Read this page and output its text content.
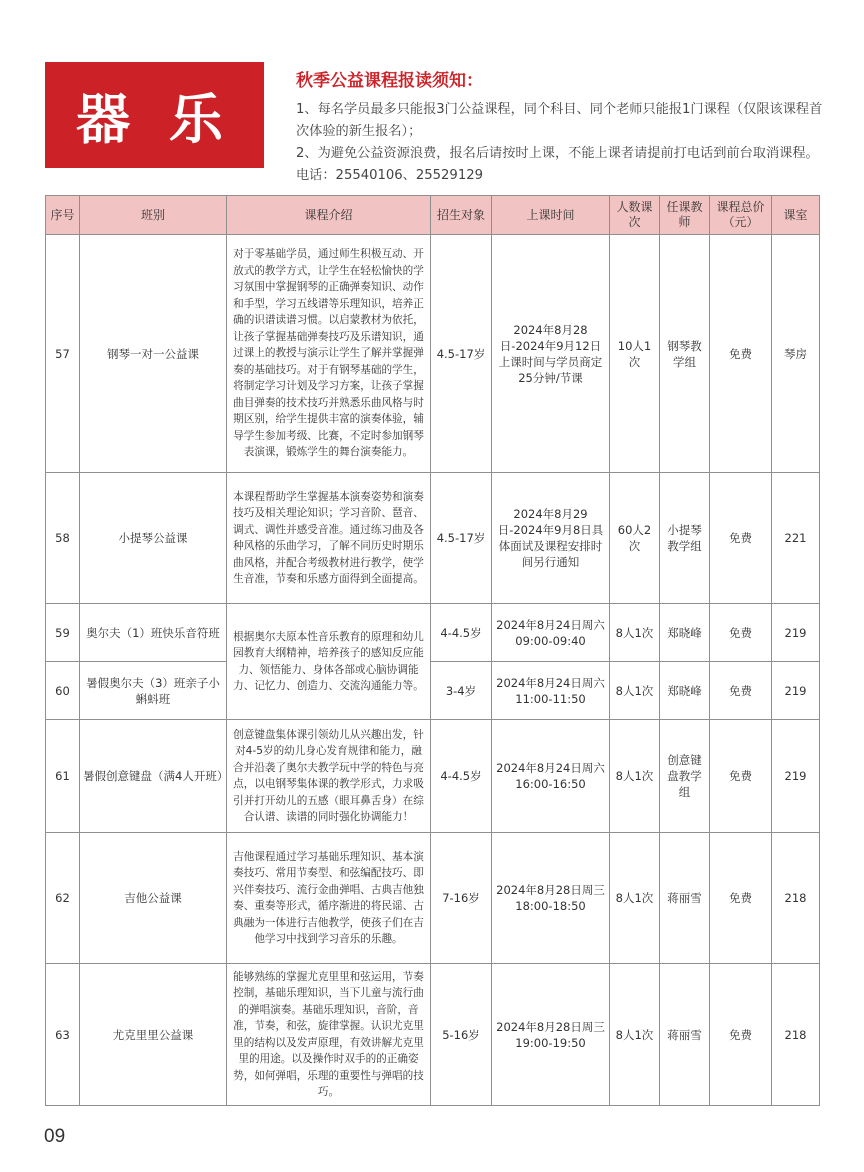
器 乐
秋季公益课程报读须知：
1、每名学员最多只能报3门公益课程，同个科目、同个老师只能报1门课程（仅限该课程首次体验的新生报名）；
2、为避免公益资源浪费，报名后请按时上课，不能上课者请提前打电话到前台取消课程。电话：25540106、25529129
序号	班别	课程介绍	招生对象	上课时间	人数课次	任课教师	课程总价（元）	课室
57	钢琴一对一公益课	对于零基础学员，通过师生积极互动、开放式的教学方式，让学生在轻松愉快的学习氛围中掌握钢琴的正确弹奏知识、动作和手型，学习五线谱等乐理知识，培养正确的识谱读谱习惯。以启蒙教材为依托，让孩子掌握基础弹奏技巧及乐谱知识，通过课上的教授与演示让学生了解并掌握弹奏的基础技巧。对于有钢琴基础的学生，将制定学习计划及学习方案，让孩子掌握曲目弹奏的技术技巧并熟悉乐曲风格与时期区别，给学生提供丰富的演奏体验，辅导学生参加考级、比赛，不定时参加钢琴表演课，锻炼学生的舞台演奏能力。	4.5-17岁	2024年8月28日-2024年9月12日上课时间与学员商定25分钟/节课	10人1次	钢琴教学组	免费	琴房
58	小提琴公益课	本课程帮助学生掌握基本演奏姿势和演奏技巧及相关理论知识；学习音阶、琶音、调式、调性并感受音准。通过练习曲及各种风格的乐曲学习，了解不同历史时期乐曲风格，并配合考级教材进行教学，使学生音准，节奏和乐感方面得到全面提高。	4.5-17岁	2024年8月29日-2024年9月8日具体面试及课程安排时间另行通知	60人2次	小提琴教学组	免费	221
59	奥尔夫（1）班快乐音符班	根据奥尔夫原本性音乐教育的原理和幼儿园教育大纲精神，培养孩子的感知反应能力、领悟能力、身体各部或心脑协调能力、记忆力、创造力、交流沟通能力等。	4-4.5岁	2024年8月24日周六09:00-09:40	8人1次	郑晓峰	免费	219
60	暑假奥尔夫（3）班亲子小蝌蚪班		3-4岁	2024年8月24日周六11:00-11:50	8人1次	郑晓峰	免费	219
61	暑假创意键盘（满4人开班）	创意键盘集体课引领幼儿从兴趣出发，针对4-5岁的幼儿身心发育规律和能力，融合并沿袭了奥尔夫教学玩中学的特色与亮点，以电钢琴集体课的教学形式，力求吸引并打开幼儿的五感（眼耳鼻舌身）在综合认谱、读谱的同时强化协调能力！	4-4.5岁	2024年8月24日周六16:00-16:50	8人1次	创意键盘教学组	免费	219
62	吉他公益课	吉他课程通过学习基础乐理知识、基本演奏技巧、常用节奏型、和弦编配技巧、即兴伴奏技巧、流行金曲弹唱、古典吉他独奏、重奏等形式，循序渐进的将民谣、古典融为一体进行吉他教学，使孩子们在吉他学习中找到学习音乐的乐趣。	7-16岁	2024年8月28日周三18:00-18:50	8人1次	蒋丽雪	免费	218
63	尤克里里公益课	能够熟练的掌握尤克里里和弦运用，节奏控制，基础乐理知识，当下儿童与流行曲的弹唱演奏。基础乐理知识，音阶，音准，节奏，和弦，旋律掌握。认识尤克里里的结构以及发声原理，有效讲解尤克里里的用途。以及操作时双手的的正确姿势，如何弹唱，乐理的重要性与弹唱的技巧。	5-16岁	2024年8月28日周三19:00-19:50	8人1次	蒋丽雪	免费	218
09
